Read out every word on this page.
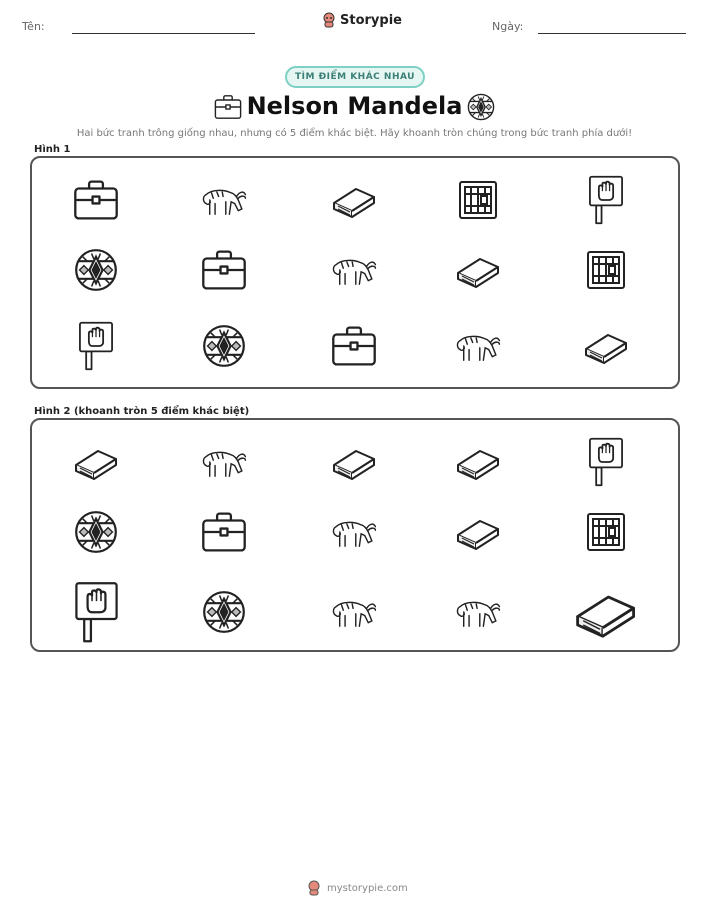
Tên:	Storypie	Ngày:
TÌM ĐIỂM KHÁC NHAU
Nelson Mandela
Hai bức tranh trông giống nhau, nhưng có 5 điểm khác biệt. Hãy khoanh tròn chúng trong bức tranh phía dưới!
Hình 1
Hình 2 (khoanh tròn 5 điểm khác biệt)
mystorypie.com
